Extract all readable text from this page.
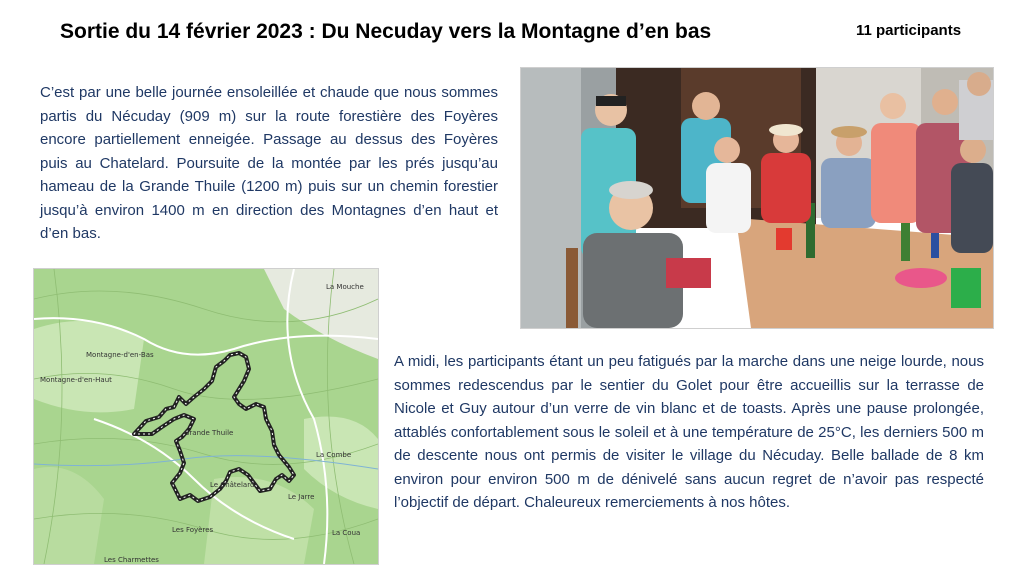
Sortie du 14 février 2023 : Du Necuday vers la Montagne d’en bas	11 participants

C’est par une belle journée ensoleillée et chaude que nous sommes partis du Nécuday (909 m) sur la route forestière des Foyères encore partiellement enneigée. Passage au dessus des Foyères puis au Chatelard. Poursuite de la montée par les prés jusqu’au hameau de la Grande Thuile (1200 m) puis sur un chemin forestier jusqu’à environ 1400 m en direction des Montagnes d’en haut et d’en bas.

La Mouche
Montagne-d'en-Bas
Montagne-d'en-Haut
Grande Thuile
Le Châtelard
Le Jarre
Les Foyères	La Coua
La Combe
Les Charmettes

A midi, les participants étant un peu fatigués par la marche dans une neige lourde, nous sommes redescendus par le sentier du Golet pour être accueillis sur la terrasse de Nicole et Guy autour d’un verre de vin blanc et de toasts. Après une pause prolongée, attablés confortablement sous le soleil et à une température de 25°C, les derniers 500 m de descente nous ont permis de visiter le village du Nécuday. Belle ballade de 8 km environ pour environ 500 m de dénivelé sans aucun regret de n’avoir pas respecté l’objectif de départ. Chaleureux remerciements à nos hôtes.
